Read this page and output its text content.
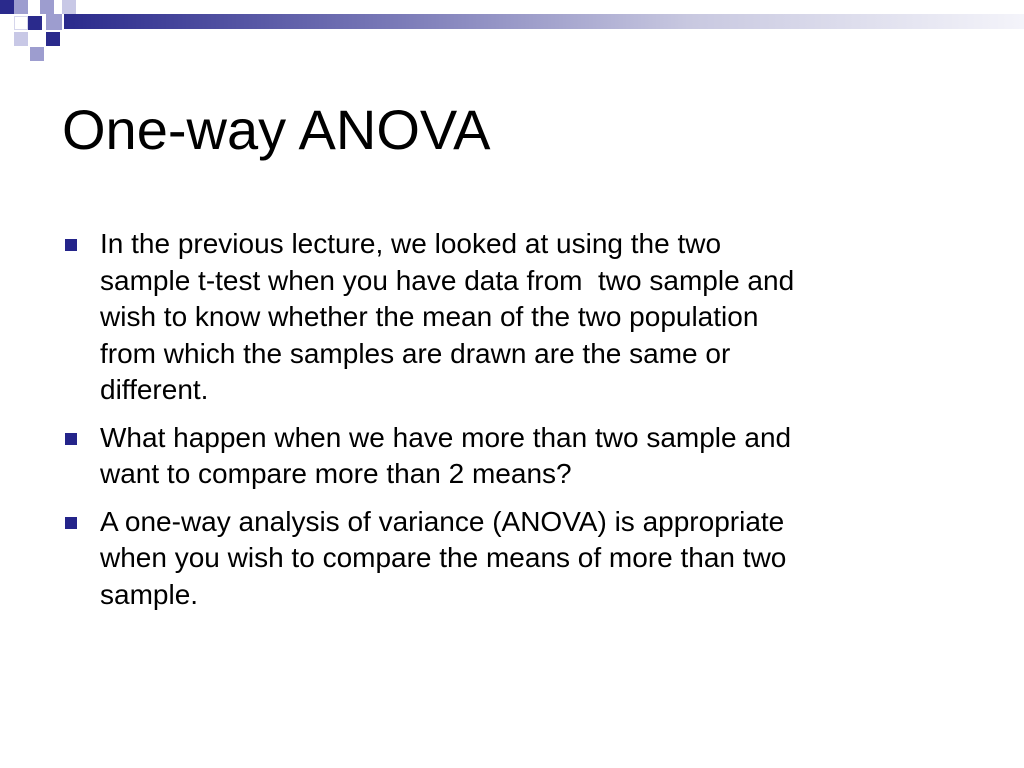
One-way ANOVA
In the previous lecture, we looked at using the two
sample t-test when you have data from  two sample and
wish to know whether the mean of the two population
from which the samples are drawn are the same or
different.
What happen when we have more than two sample and
want to compare more than 2 means?
A one-way analysis of variance (ANOVA) is appropriate
when you wish to compare the means of more than two
sample.
